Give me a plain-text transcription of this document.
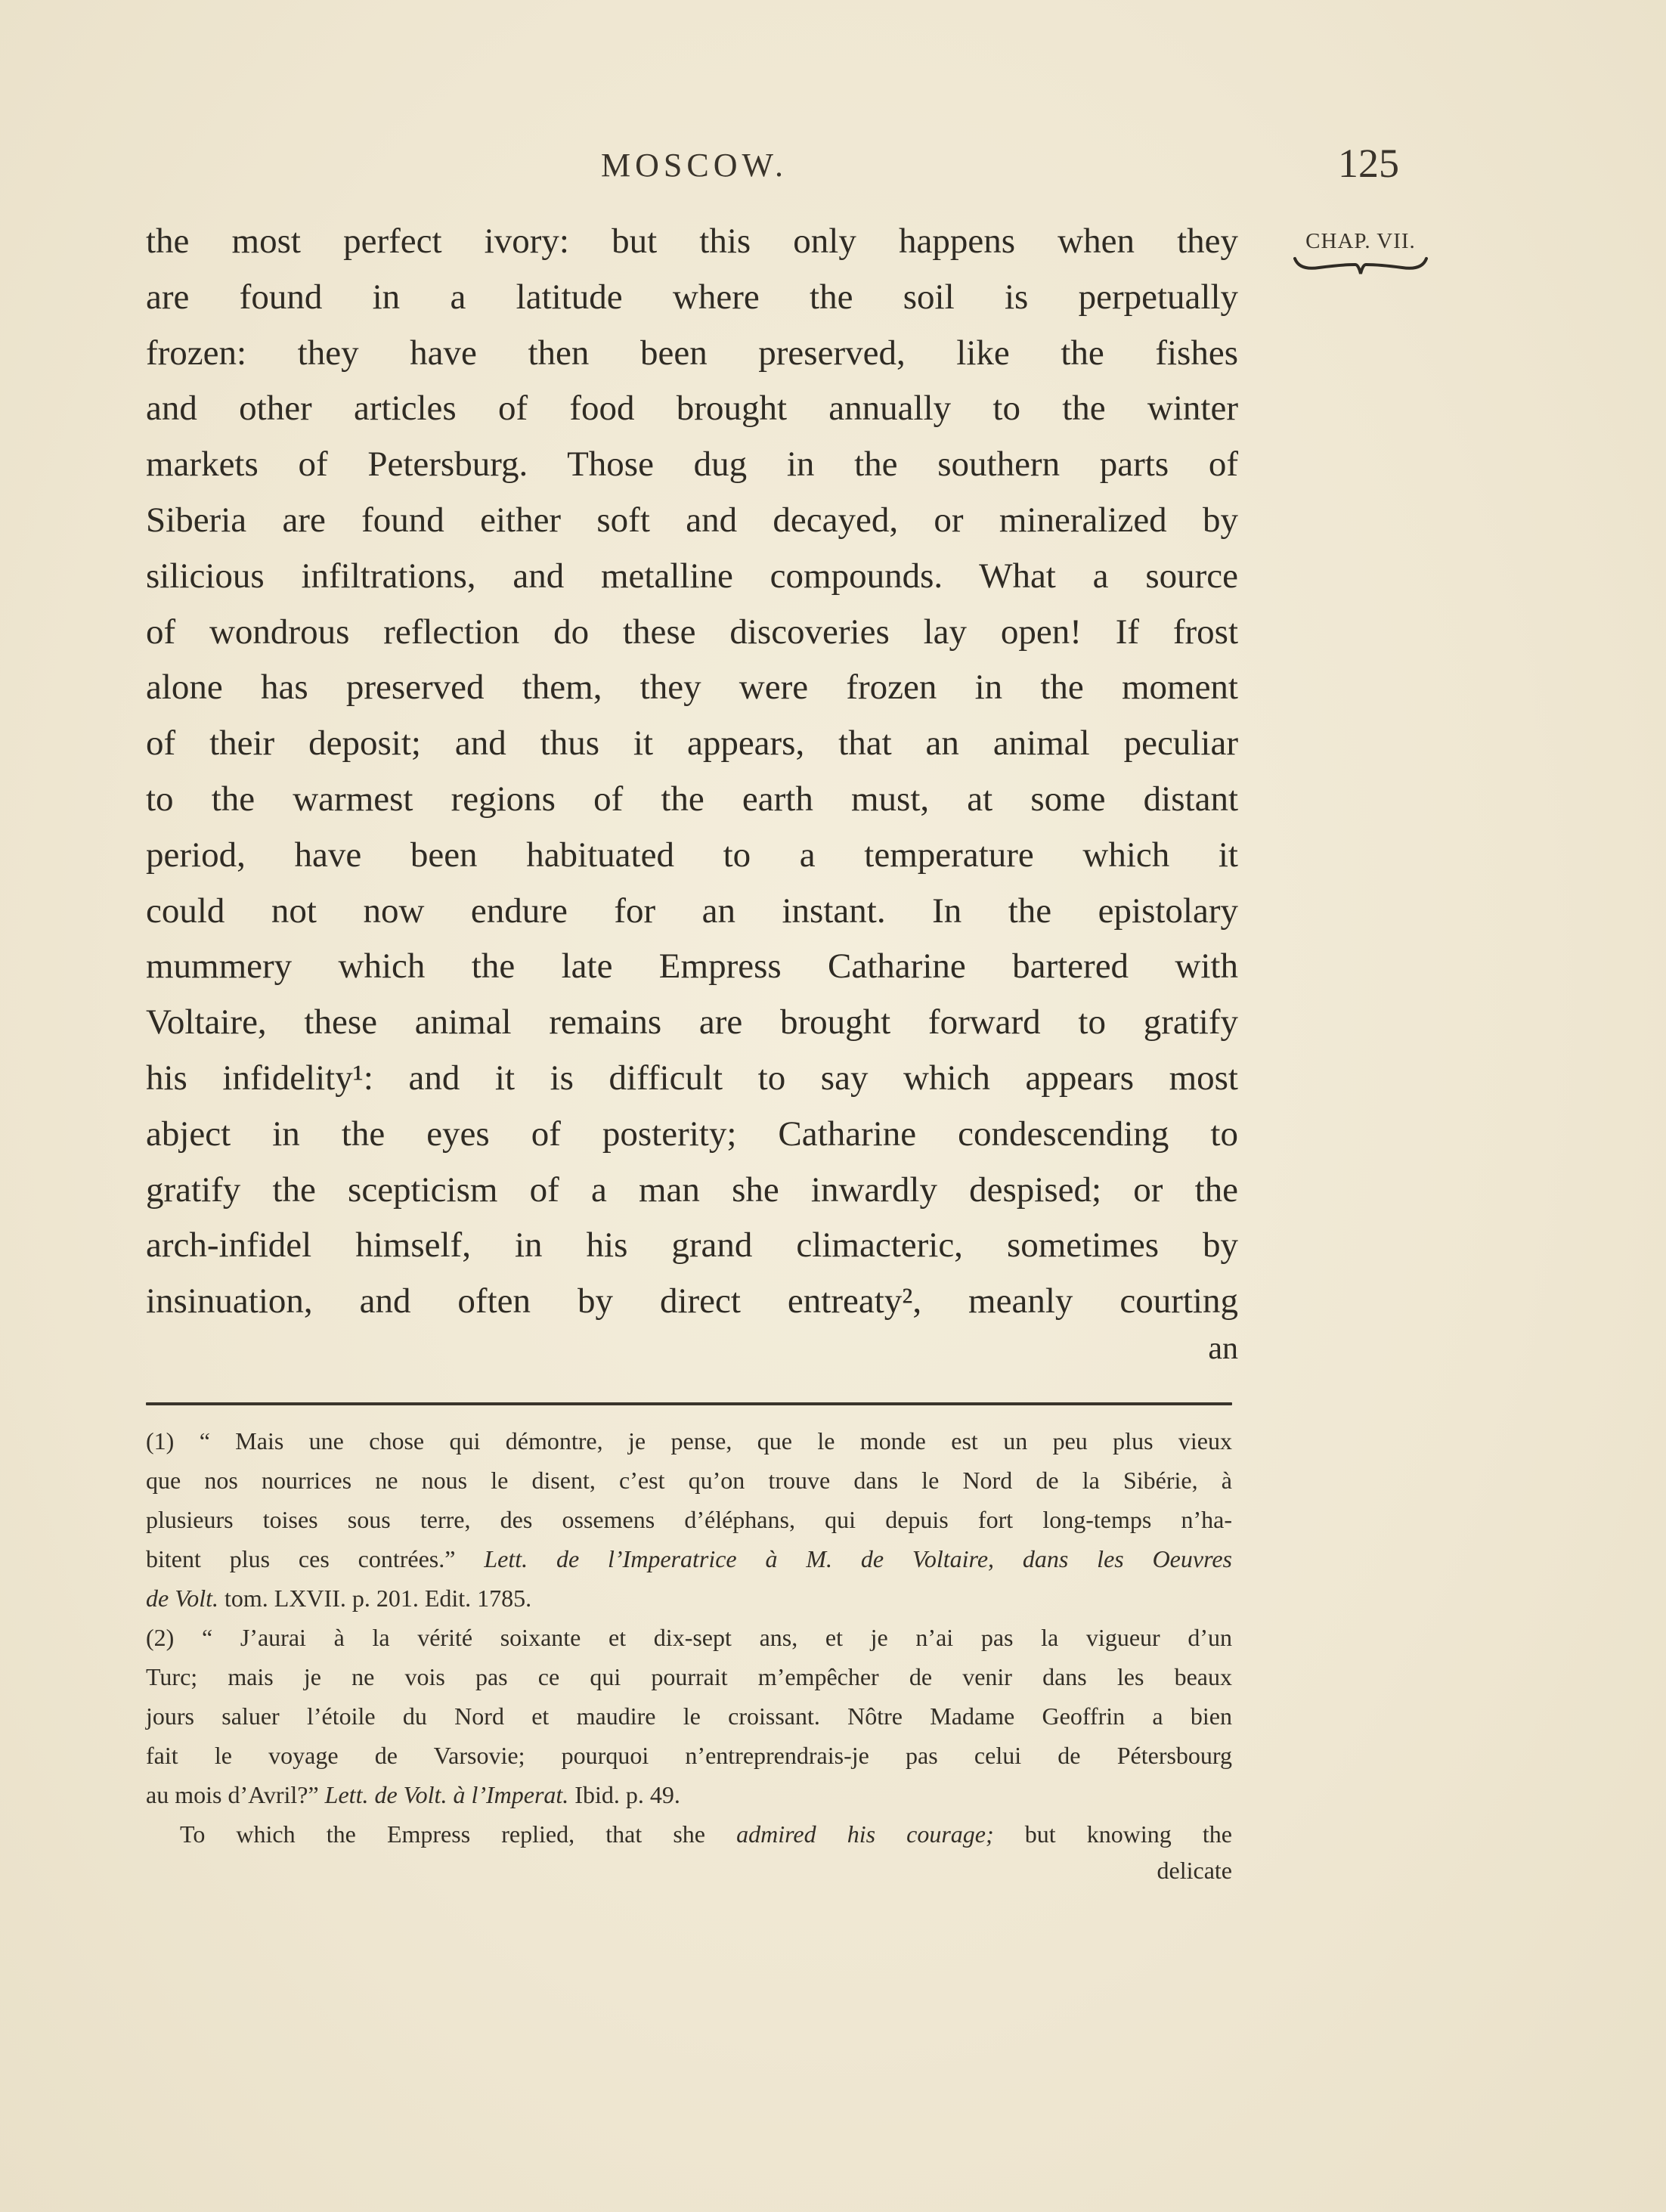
MOSCOW.	125
CHAP. VII.
the most perfect ivory: but this only happens when they
are found in a latitude where the soil is perpetually
frozen: they have then been preserved, like the fishes
and other articles of food brought annually to the winter
markets of Petersburg. Those dug in the southern parts of
Siberia are found either soft and decayed, or mineralized by
silicious infiltrations, and metalline compounds. What a source
of wondrous reflection do these discoveries lay open! If frost
alone has preserved them, they were frozen in the moment
of their deposit; and thus it appears, that an animal peculiar
to the warmest regions of the earth must, at some distant
period, have been habituated to a temperature which it
could not now endure for an instant. In the epistolary
mummery which the late Empress Catharine bartered with
Voltaire, these animal remains are brought forward to gratify
his infidelity¹: and it is difficult to say which appears most
abject in the eyes of posterity; Catharine condescending to
gratify the scepticism of a man she inwardly despised; or the
arch-infidel himself, in his grand climacteric, sometimes by
insinuation, and often by direct entreaty², meanly courting
an
(1) “ Mais une chose qui démontre, je pense, que le monde est un peu plus vieux
que nos nourrices ne nous le disent, c’est qu’on trouve dans le Nord de la Sibérie, à
plusieurs toises sous terre, des ossemens d’éléphans, qui depuis fort long-temps n’ha-
bitent plus ces contrées.” Lett. de l’Imperatrice à M. de Voltaire, dans les Oeuvres
de Volt. tom. LXVII. p. 201. Edit. 1785.
(2) “ J’aurai à la vérité soixante et dix-sept ans, et je n’ai pas la vigueur d’un
Turc; mais je ne vois pas ce qui pourrait m’empêcher de venir dans les beaux
jours saluer l’étoile du Nord et maudire le croissant. Nôtre Madame Geoffrin a bien
fait le voyage de Varsovie; pourquoi n’entreprendrais-je pas celui de Pétersbourg
au mois d’Avril?” Lett. de Volt. à l’Imperat. Ibid. p. 49.
To which the Empress replied, that she admired his courage; but knowing the
delicate
